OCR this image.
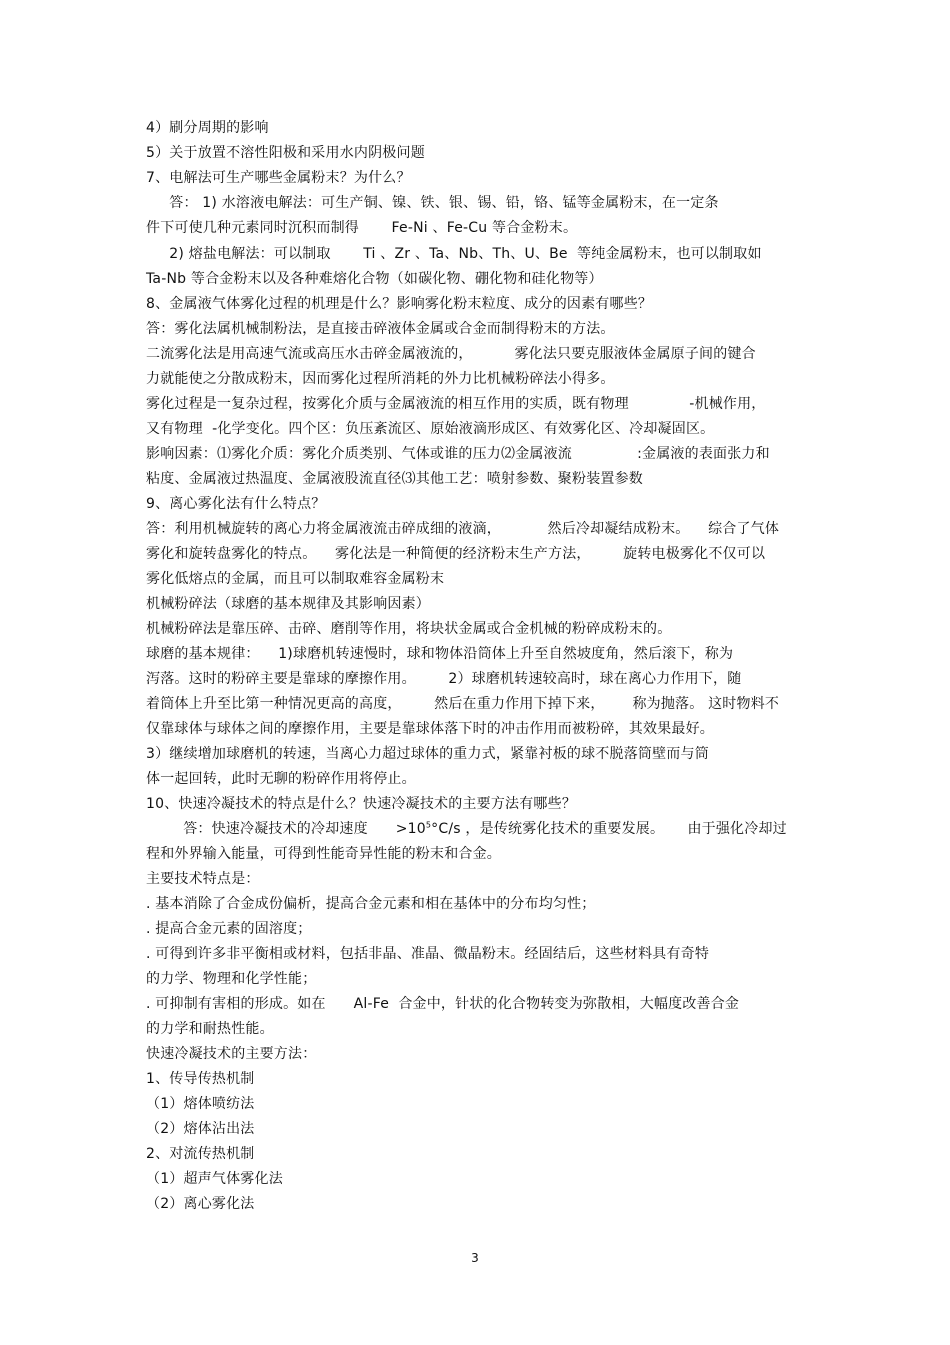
4）刷分周期的影响
5）关于放置不溶性阳极和采用水内阴极问题
7、电解法可生产哪些金属粉末？为什么？
答： 1) 水溶液电解法：可生产铜、镍、铁、银、锡、铅，铬、锰等金属粉末，在一定条
件下可使几种元素同时沉积而制得       Fe-Ni 、Fe-Cu 等合金粉末。
2) 熔盐电解法：可以制取       Ti 、Zr 、Ta、Nb、Th、U、Be  等纯金属粉末，也可以制取如
Ta-Nb 等合金粉末以及各种难熔化合物（如碳化物、硼化物和硅化物等）
8、金属液气体雾化过程的机理是什么？影响雾化粉末粒度、成分的因素有哪些？
答：雾化法属机械制粉法，是直接击碎液体金属或合金而制得粉末的方法。
二流雾化法是用高速气流或高压水击碎金属液流的，         雾化法只要克服液体金属原子间的键合
力就能使之分散成粉末，因而雾化过程所消耗的外力比机械粉碎法小得多。
雾化过程是一复杂过程，按雾化介质与金属液流的相互作用的实质，既有物理             -机械作用，
又有物理  -化学变化。四个区：负压紊流区、原始液滴形成区、有效雾化区、冷却凝固区。
影响因素：⑴雾化介质：雾化介质类别、气体或谁的压力⑵金属液流              :金属液的表面张力和
粘度、金属液过热温度、金属液股流直径⑶其他工艺：喷射参数、聚粉装置参数
9、离心雾化法有什么特点？
答：利用机械旋转的离心力将金属液流击碎成细的液滴，          然后冷却凝结成粉末。    综合了气体
雾化和旋转盘雾化的特点。    雾化法是一种简便的经济粉末生产方法，       旋转电极雾化不仅可以
雾化低熔点的金属，而且可以制取难容金属粉末
机械粉碎法（球磨的基本规律及其影响因素）
机械粉碎法是靠压碎、击碎、磨削等作用，将块状金属或合金机械的粉碎成粉末的。
球磨的基本规律：    1)球磨机转速慢时，球和物体沿筒体上升至自然坡度角，然后滚下，称为
泻落。这时的粉碎主要是靠球的摩擦作用。       2）球磨机转速较高时，球在离心力作用下，随
着筒体上升至比第一种情况更高的高度，       然后在重力作用下掉下来，      称为抛落。 这时物料不
仅靠球体与球体之间的摩擦作用，主要是靠球体落下时的冲击作用而被粉碎，其效果最好。
3）继续增加球磨机的转速，当离心力超过球体的重力式，紧靠衬板的球不脱落筒壁而与筒
体一起回转，此时无聊的粉碎作用将停止。
10、快速冷凝技术的特点是什么？快速冷凝技术的主要方法有哪些？
答：快速冷凝技术的冷却速度      $>10^5^\circ C/s$ ，是传统雾化技术的重要发展。     由于强化冷却过
程和外界输入能量，可得到性能奇异性能的粉末和合金。
主要技术特点是：
. 基本消除了合金成份偏析，提高合金元素和相在基体中的分布均匀性；
. 提高合金元素的固溶度；
. 可得到许多非平衡相或材料，包括非晶、准晶、微晶粉末。经固结后，这些材料具有奇特
的力学、物理和化学性能；
. 可抑制有害相的形成。如在      Al-Fe  合金中，针状的化合物转变为弥散相，大幅度改善合金
的力学和耐热性能。
快速冷凝技术的主要方法：
1、传导传热机制
（1）熔体喷纺法
（2）熔体沾出法
2、对流传热机制
（1）超声气体雾化法
（2）离心雾化法
3
